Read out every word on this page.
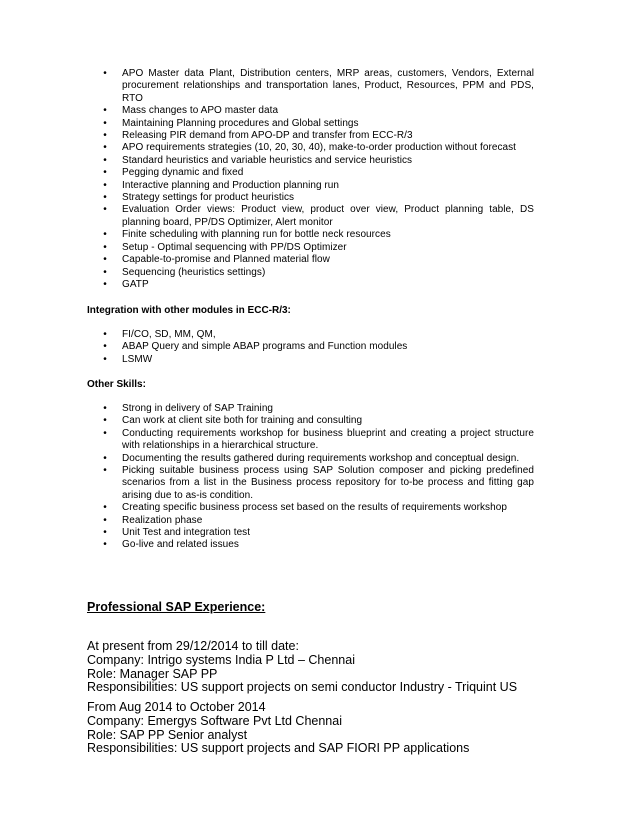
•	APO Master data Plant, Distribution centers, MRP areas, customers, Vendors, External procurement relationships and transportation lanes, Product, Resources, PPM and PDS, RTO
•	Mass changes to APO master data
•	Maintaining Planning procedures and Global settings
•	Releasing PIR demand from APO-DP and transfer from ECC-R/3
•	APO requirements strategies (10, 20, 30, 40), make-to-order production without forecast
•	Standard heuristics and variable heuristics and service heuristics
•	Pegging dynamic and fixed
•	Interactive planning and Production planning run
•	Strategy settings for product heuristics
•	Evaluation Order views: Product view, product over view, Product planning table, DS planning board, PP/DS Optimizer, Alert monitor
•	Finite scheduling with planning run for bottle neck resources
•	Setup - Optimal sequencing with PP/DS Optimizer
•	Capable-to-promise and Planned material flow
•	Sequencing (heuristics settings)
•	GATP
Integration with other modules in ECC-R/3:
•	FI/CO, SD, MM, QM,
•	ABAP Query and simple ABAP programs and Function modules
•	LSMW
Other Skills:
•	Strong in delivery of SAP Training
•	Can work at client site both for training and consulting
•	Conducting requirements workshop for business blueprint and creating a project structure with relationships in a hierarchical structure.
•	Documenting the results gathered during requirements workshop and conceptual design.
•	Picking suitable business process using SAP Solution composer and picking predefined scenarios from a list in the Business process repository for to-be process and fitting gap arising due to as-is condition.
•	Creating specific business process set based on the results of requirements workshop
•	Realization phase
•	Unit Test and integration test
•	Go-live and related issues
Professional SAP Experience:
At present from 29/12/2014 to till date:
Company: Intrigo systems India P Ltd – Chennai
Role: Manager SAP PP
Responsibilities: US support projects on semi conductor Industry - Triquint US
From Aug 2014 to October 2014
Company: Emergys Software Pvt Ltd Chennai
Role: SAP PP Senior analyst
Responsibilities: US support projects and SAP FIORI PP applications
